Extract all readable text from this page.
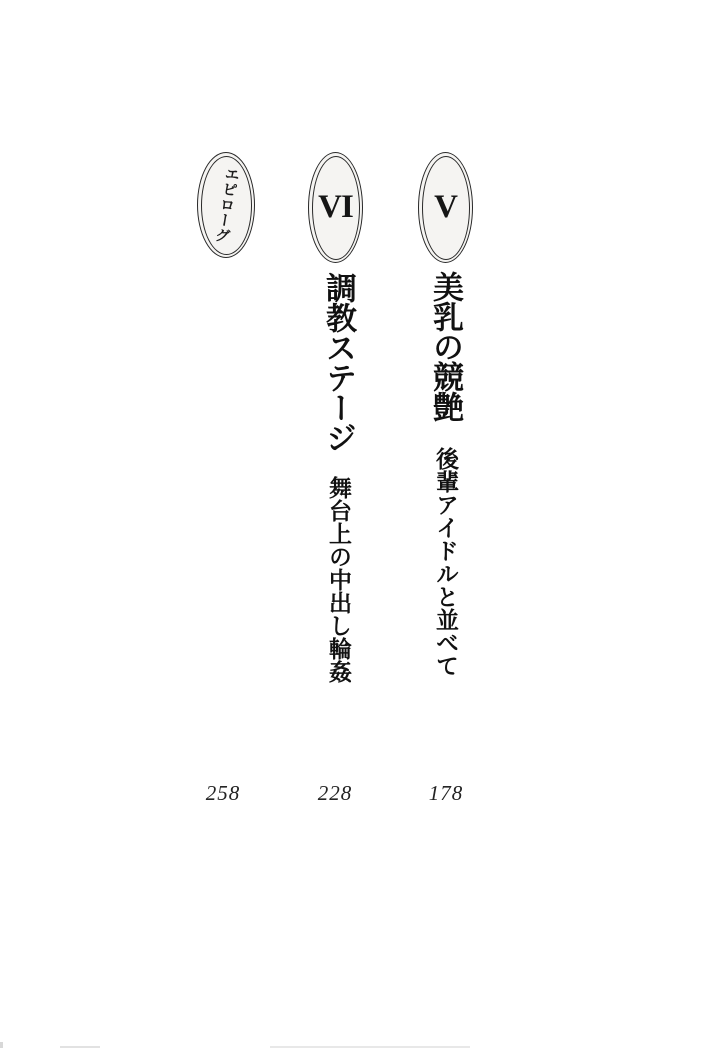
V
美乳の競艶
後輩アイドルと並べて
178
VI
調教ステージ
舞台上の中出し輪姦
228
エピローグ
258
